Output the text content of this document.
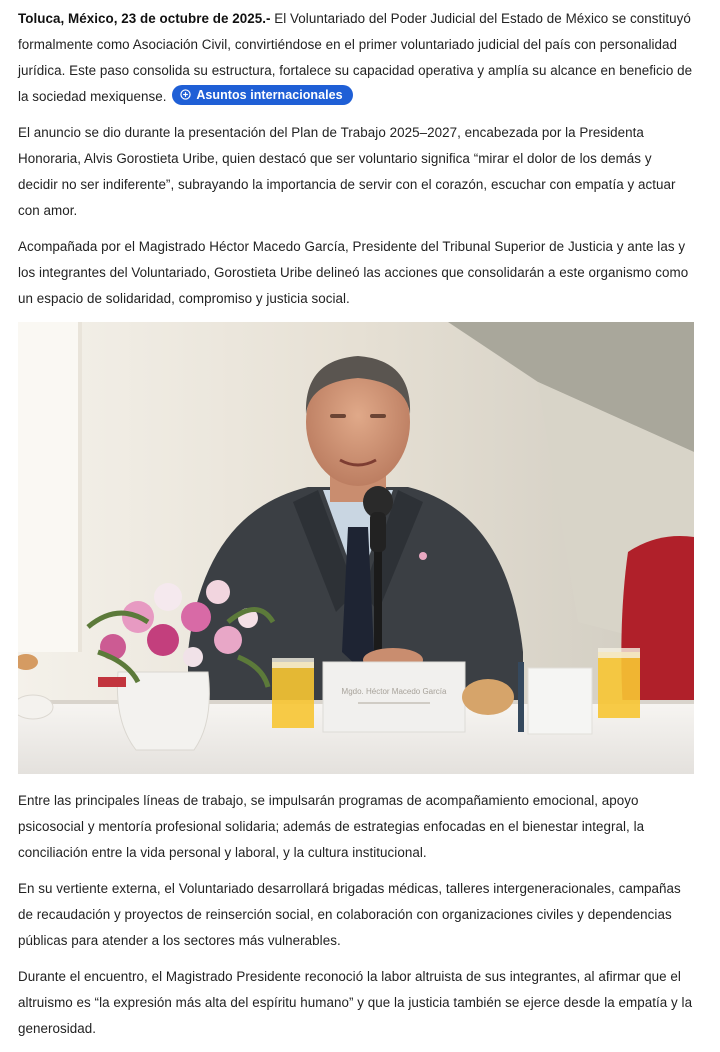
Toluca, México, 23 de octubre de 2025.- El Voluntariado del Poder Judicial del Estado de México se constituyó formalmente como Asociación Civil, convirtiéndose en el primer voluntariado judicial del país con personalidad jurídica. Este paso consolida su estructura, fortalece su capacidad operativa y amplía su alcance en beneficio de la sociedad mexiquense. Asuntos internacionales

El anuncio se dio durante la presentación del Plan de Trabajo 2025–2027, encabezada por la Presidenta Honoraria, Alvis Gorostieta Uribe, quien destacó que ser voluntario significa “mirar el dolor de los demás y decidir no ser indiferente”, subrayando la importancia de servir con el corazón, escuchar con empatía y actuar con amor.

Acompañada por el Magistrado Héctor Macedo García, Presidente del Tribunal Superior de Justicia y ante las y los integrantes del Voluntariado, Gorostieta Uribe delineó las acciones que consolidarán a este organismo como un espacio de solidaridad, compromiso y justicia social.

Mgdo. Héctor Macedo García

Entre las principales líneas de trabajo, se impulsarán programas de acompañamiento emocional, apoyo psicosocial y mentoría profesional solidaria; además de estrategias enfocadas en el bienestar integral, la conciliación entre la vida personal y laboral, y la cultura institucional.

En su vertiente externa, el Voluntariado desarrollará brigadas médicas, talleres intergeneracionales, campañas de recaudación y proyectos de reinserción social, en colaboración con organizaciones civiles y dependencias públicas para atender a los sectores más vulnerables.

Durante el encuentro, el Magistrado Presidente reconoció la labor altruista de sus integrantes, al afirmar que el altruismo es “la expresión más alta del espíritu humano” y que la justicia también se ejerce desde la empatía y la generosidad.
